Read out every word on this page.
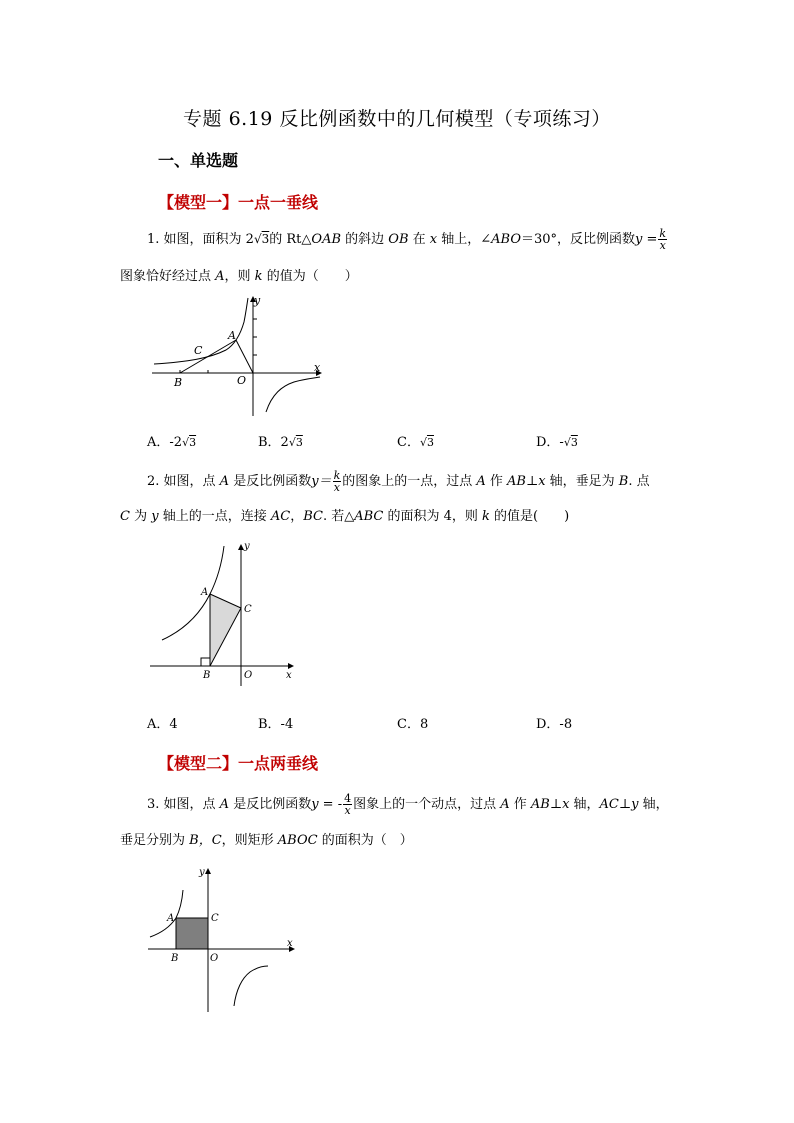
专题 6.19 反比例函数中的几何模型（专项练习）
一、单选题
【模型一】一点一垂线
1. 如图，面积为 2√3的 Rt△OAB 的斜边 OB 在 x 轴上，∠ABO＝30°，反比例函数$y = \frac{k}{x}$
图象恰好经过点 A，则 k 的值为（　　）
y
x
A
C
B	O
A．-2√3	B．2√3	C．√3	D．-√3
2. 如图，点 A 是反比例函数$y= \frac{k}{x}$ 的图象上的一点，过点 A 作 AB⊥x 轴，垂足为 B. 点
C 为 y 轴上的一点，连接 AC，BC. 若△ABC 的面积为 4，则 k 的值是(　　)
y
x
A
C
B	O
A．4	B．-4	C．8	D．-8
【模型二】一点两垂线
3. 如图，点 A 是反比例函数y = - $\frac{4}{x}$ 图象上的一个动点，过点 A 作 AB⊥x 轴，AC⊥y 轴，
垂足分别为 B，C，则矩形 ABOC 的面积为（　）
y
x
A	C
B	O
